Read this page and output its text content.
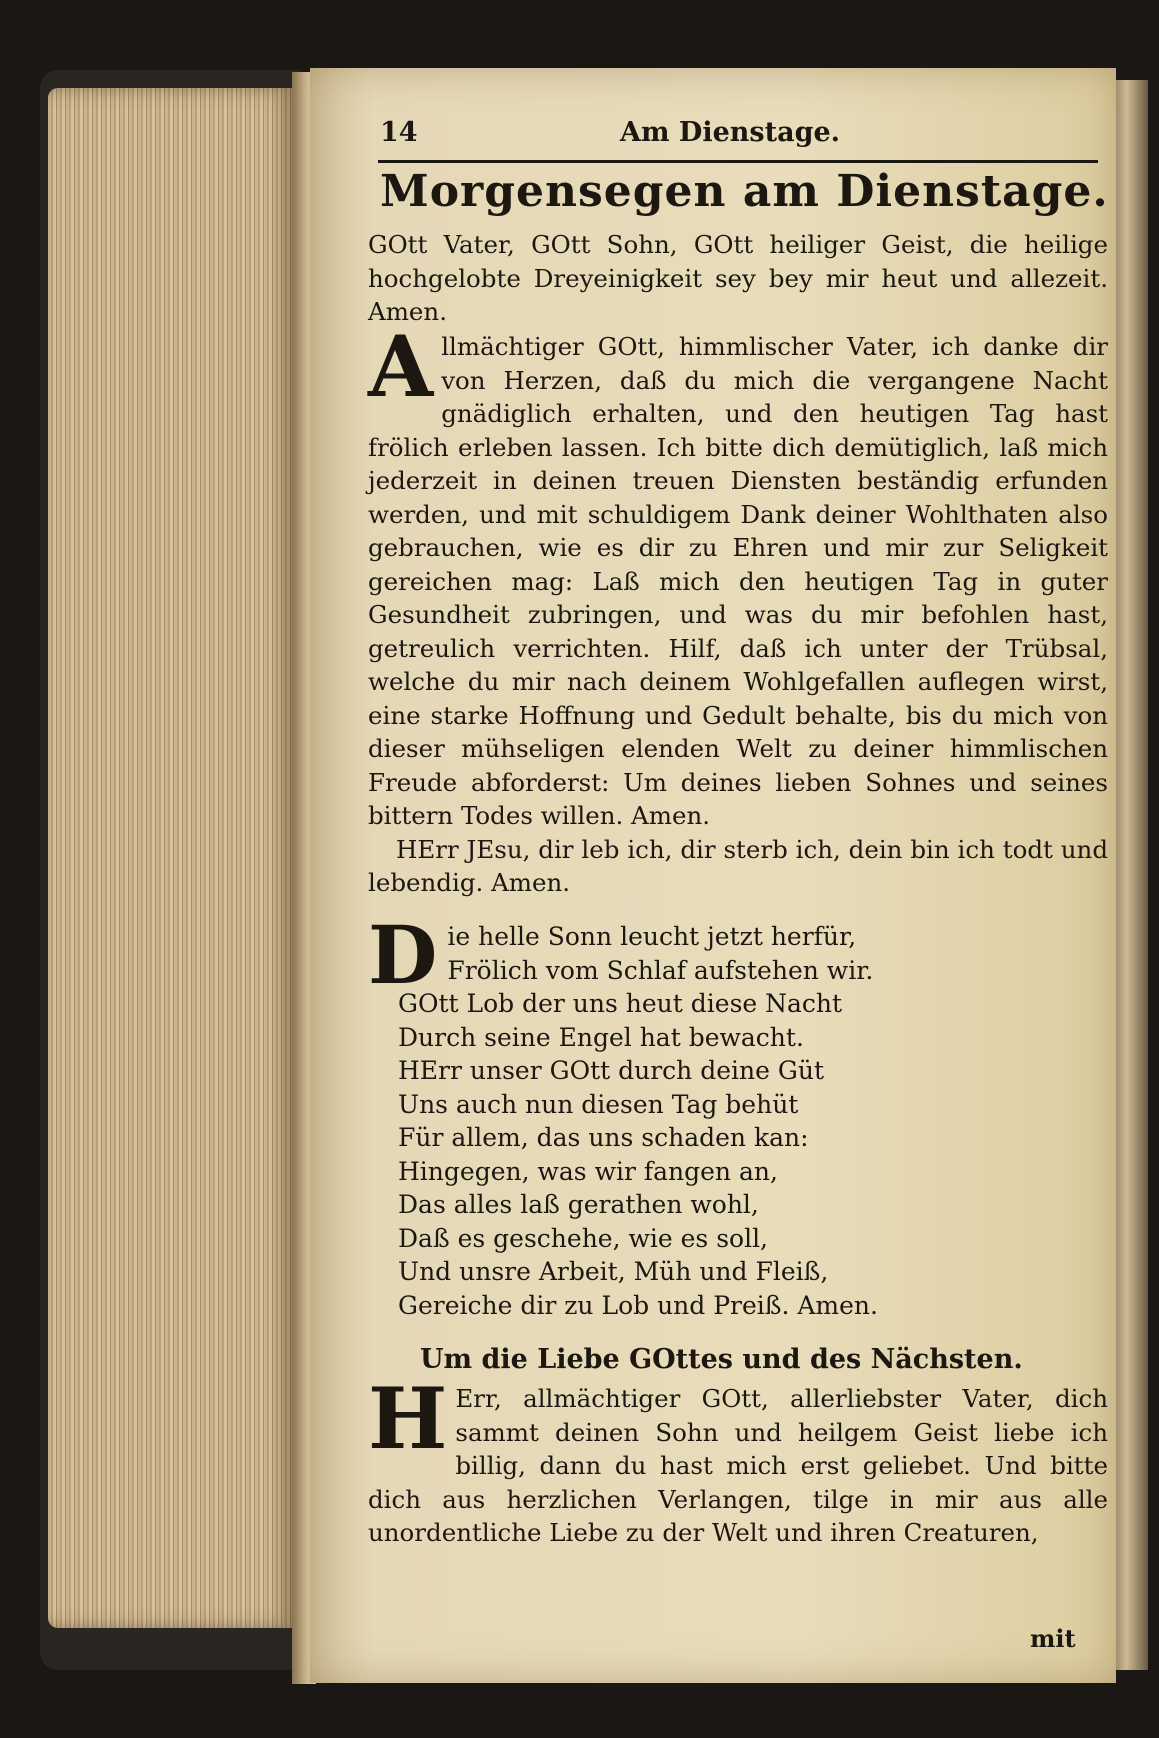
14	Am Dienstage.
Morgensegen am Dienstage.

GOtt Vater, GOtt Sohn, GOtt heiliger Geist, die heilige hochgelobte Dreyeinigkeit sey bey mir heut und allezeit. Amen.

Allmächtiger GOtt, himmlischer Vater, ich danke dir von Herzen, daß du mich die vergangene Nacht gnädiglich erhalten, und den heutigen Tag hast frölich erleben lassen. Ich bitte dich demütiglich, laß mich jederzeit in deinen treuen Diensten beständig erfunden werden, und mit schuldigem Dank deiner Wohlthaten also gebrauchen, wie es dir zu Ehren und mir zur Seligkeit gereichen mag: Laß mich den heutigen Tag in guter Gesundheit zubringen, und was du mir befohlen hast, getreulich verrichten. Hilf, daß ich unter der Trübsal, welche du mir nach deinem Wohlgefallen auflegen wirst, eine starke Hoffnung und Gedult behalte, bis du mich von dieser mühseligen elenden Welt zu deiner himmlischen Freude abforderst: Um deines lieben Sohnes und seines bittern Todes willen. Amen.

HErr JEsu, dir leb ich, dir sterb ich, dein bin ich todt und lebendig. Amen.

D ie helle Sonn leucht jetzt herfür,
Frölich vom Schlaf aufstehen wir.
GOtt Lob der uns heut diese Nacht
Durch seine Engel hat bewacht.
HErr unser GOtt durch deine Güt
Uns auch nun diesen Tag behüt
Für allem, das uns schaden kan:
Hingegen, was wir fangen an,
Das alles laß gerathen wohl,
Daß es geschehe, wie es soll,
Und unsre Arbeit, Müh und Fleiß,
Gereiche dir zu Lob und Preiß. Amen.
Um die Liebe GOttes und des Nächsten.

H Err, allmächtiger GOtt, allerliebster Vater, dich sammt deinen Sohn und heilgem Geist liebe ich billig, dann du hast mich erst geliebet. Und bitte dich aus herzlichen Verlangen, tilge in mir aus alle unordentliche Liebe zu der Welt und ihren Creaturen,

mit
